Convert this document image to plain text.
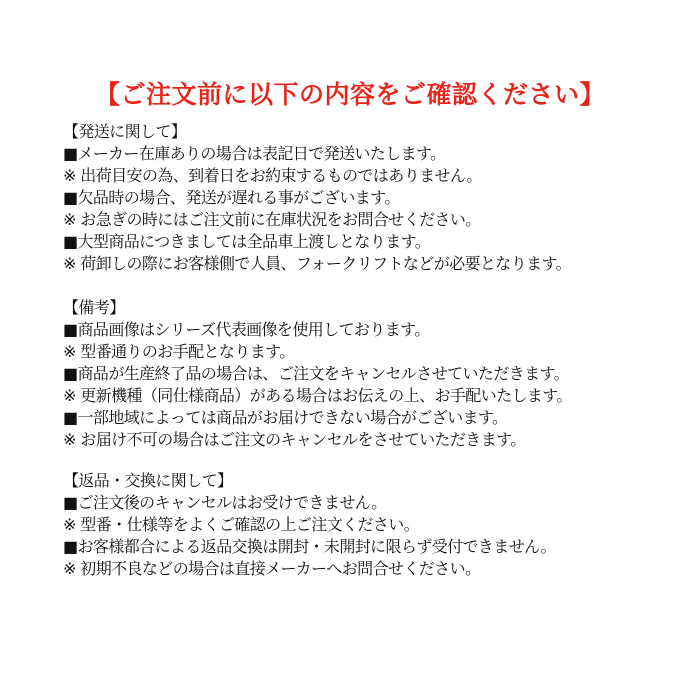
【ご注文前に以下の内容をご確認ください】
【発送に関して】
■メーカー在庫ありの場合は表記日で発送いたします。
※ 出荷目安の為、到着日をお約束するものではありません。
■欠品時の場合、発送が遅れる事がございます。
※ お急ぎの時にはご注文前に在庫状況をお問合せください。
■大型商品につきましては全品車上渡しとなります。
※ 荷卸しの際にお客様側で人員、フォークリフトなどが必要となります。
【備考】
■商品画像はシリーズ代表画像を使用しております。
※ 型番通りのお手配となります。
■商品が生産終了品の場合は、ご注文をキャンセルさせていただきます。
※ 更新機種（同仕様商品）がある場合はお伝えの上、お手配いたします。
■一部地域によっては商品がお届けできない場合がございます。
※ お届け不可の場合はご注文のキャンセルをさせていただきます。
【返品・交換に関して】
■ご注文後のキャンセルはお受けできません。
※ 型番・仕様等をよくご確認の上ご注文ください。
■お客様都合による返品交換は開封・未開封に限らず受付できません。
※ 初期不良などの場合は直接メーカーへお問合せください。
